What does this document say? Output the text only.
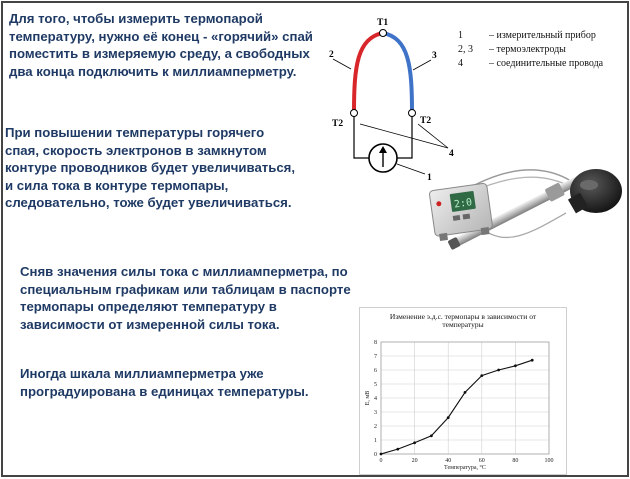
Для того, чтобы измерить термопарой температуру, нужно её конец - «горячий» спай поместить в измеряемую среду, а свободных два конца подключить к миллиамперметру.

При повышении температуры горячего спая, скорость электронов в замкнутом контуре проводников будет увеличиваться, и сила тока в контуре термопары, следовательно, тоже будет увеличиваться.

Сняв значения силы тока с миллиамперметра, по специальным графикам или таблицам в паспорте термопары определяют температуру в зависимости от измеренной силы тока.

Иногда шкала миллиамперметра уже проградуирована в единицах температуры.

T1
2	3
T2	T2
4
1
1	– измерительный прибор
2, 3 – термоэлектроды
4	– соединительные провода
2:0
Изменение э.д.с. термопары в зависимости от
температуры
0
1
2
3
4
5
6
7
8
0	20	40	60	80	100
Температура, °С
E, мВ
